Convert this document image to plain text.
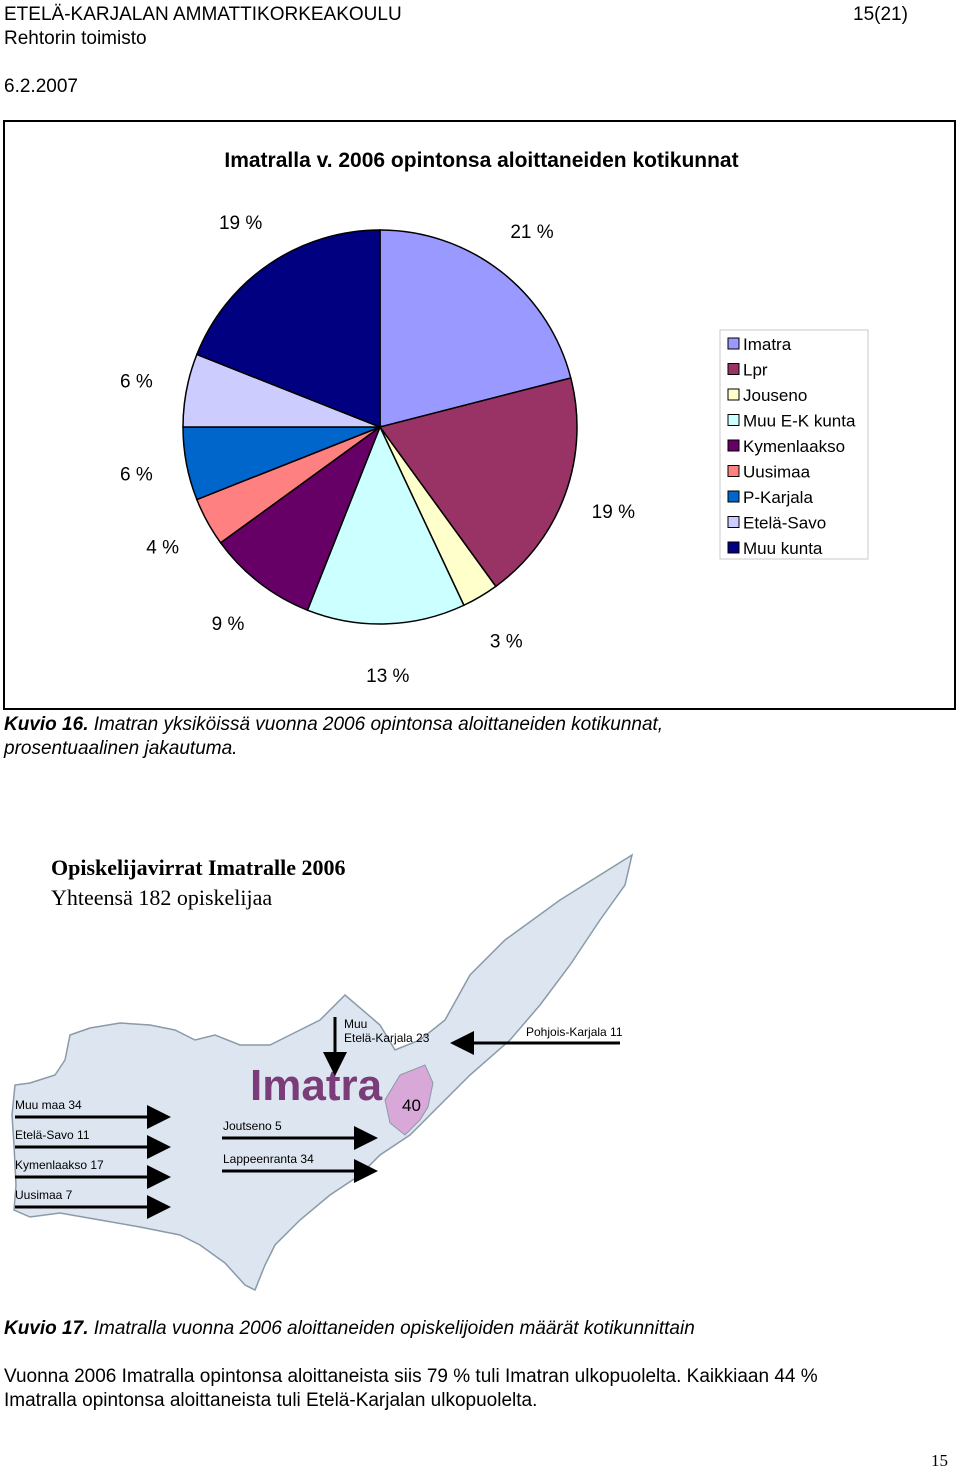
ETELÄ-KARJALAN AMMATTIKORKEAKOULU	15(21)
Rehtorin toimisto
6.2.2007
Imatralla v. 2006 opintonsa aloittaneiden kotikunnat
21 %
19 %
3 %
13 %
9 %
4 %
6 %
6 %
19 %
Imatra
Lpr
Jouseno
Muu E-K kunta
Kymenlaakso
Uusimaa
P-Karjala
Etelä-Savo
Muu kunta
Kuvio 16. Imatran yksiköissä vuonna 2006 opintonsa aloittaneiden kotikunnat,
prosentuaalinen jakautuma.
Opiskelijavirrat Imatralle 2006
Yhteensä 182 opiskelijaa
Imatra 40
Muu
Etelä-Karjala 23	Pohjois-Karjala 11
Muu maa 34
Etelä-Savo 11
Kymenlaakso 17
Uusimaa 7
Joutseno 5
Lappeenranta 34
Kuvio 17. Imatralla vuonna 2006 aloittaneiden opiskelijoiden määrät kotikunnittain
Vuonna 2006 Imatralla opintonsa aloittaneista siis 79 % tuli Imatran ulkopuolelta. Kaikkiaan 44 %
Imatralla opintonsa aloittaneista tuli Etelä-Karjalan ulkopuolelta.
15
